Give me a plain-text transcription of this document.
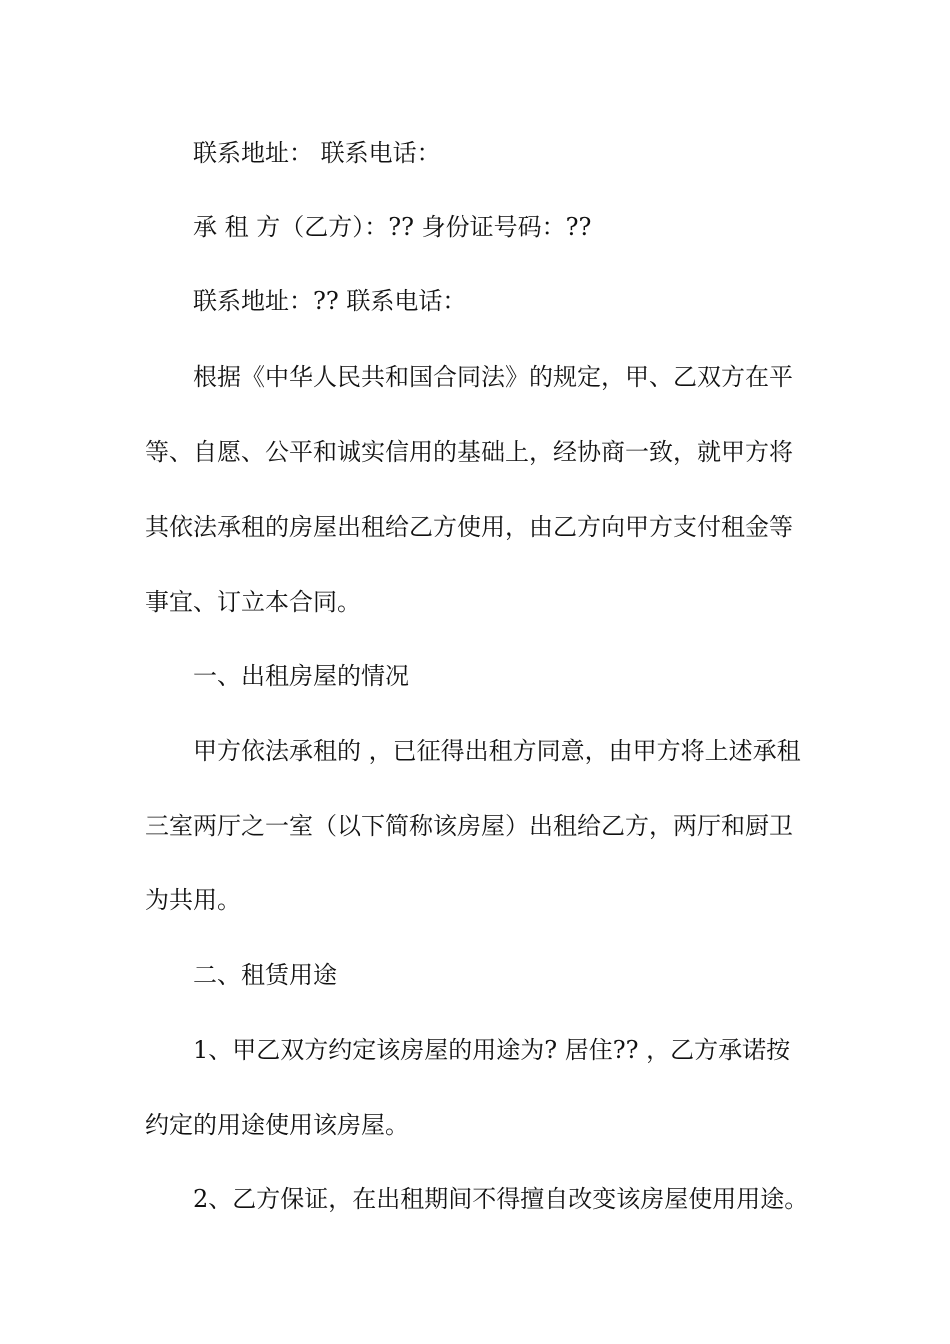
联系地址： 联系电话：
承 租 方（乙方）：?? 身份证号码：??
联系地址：?? 联系电话：
根据《中华人民共和国合同法》的规定，甲、乙双方在平
等、自愿、公平和诚实信用的基础上，经协商一致，就甲方将
其依法承租的房屋出租给乙方使用，由乙方向甲方支付租金等
事宜、订立本合同。
一、出租房屋的情况
甲方依法承租的 ，已征得出租方同意，由甲方将上述承租
三室两厅之一室（以下简称该房屋）出租给乙方，两厅和厨卫
为共用。
二、租赁用途
1、甲乙双方约定该房屋的用途为? 居住?? ，乙方承诺按
约定的用途使用该房屋。
2、乙方保证，在出租期间不得擅自改变该房屋使用用途。
